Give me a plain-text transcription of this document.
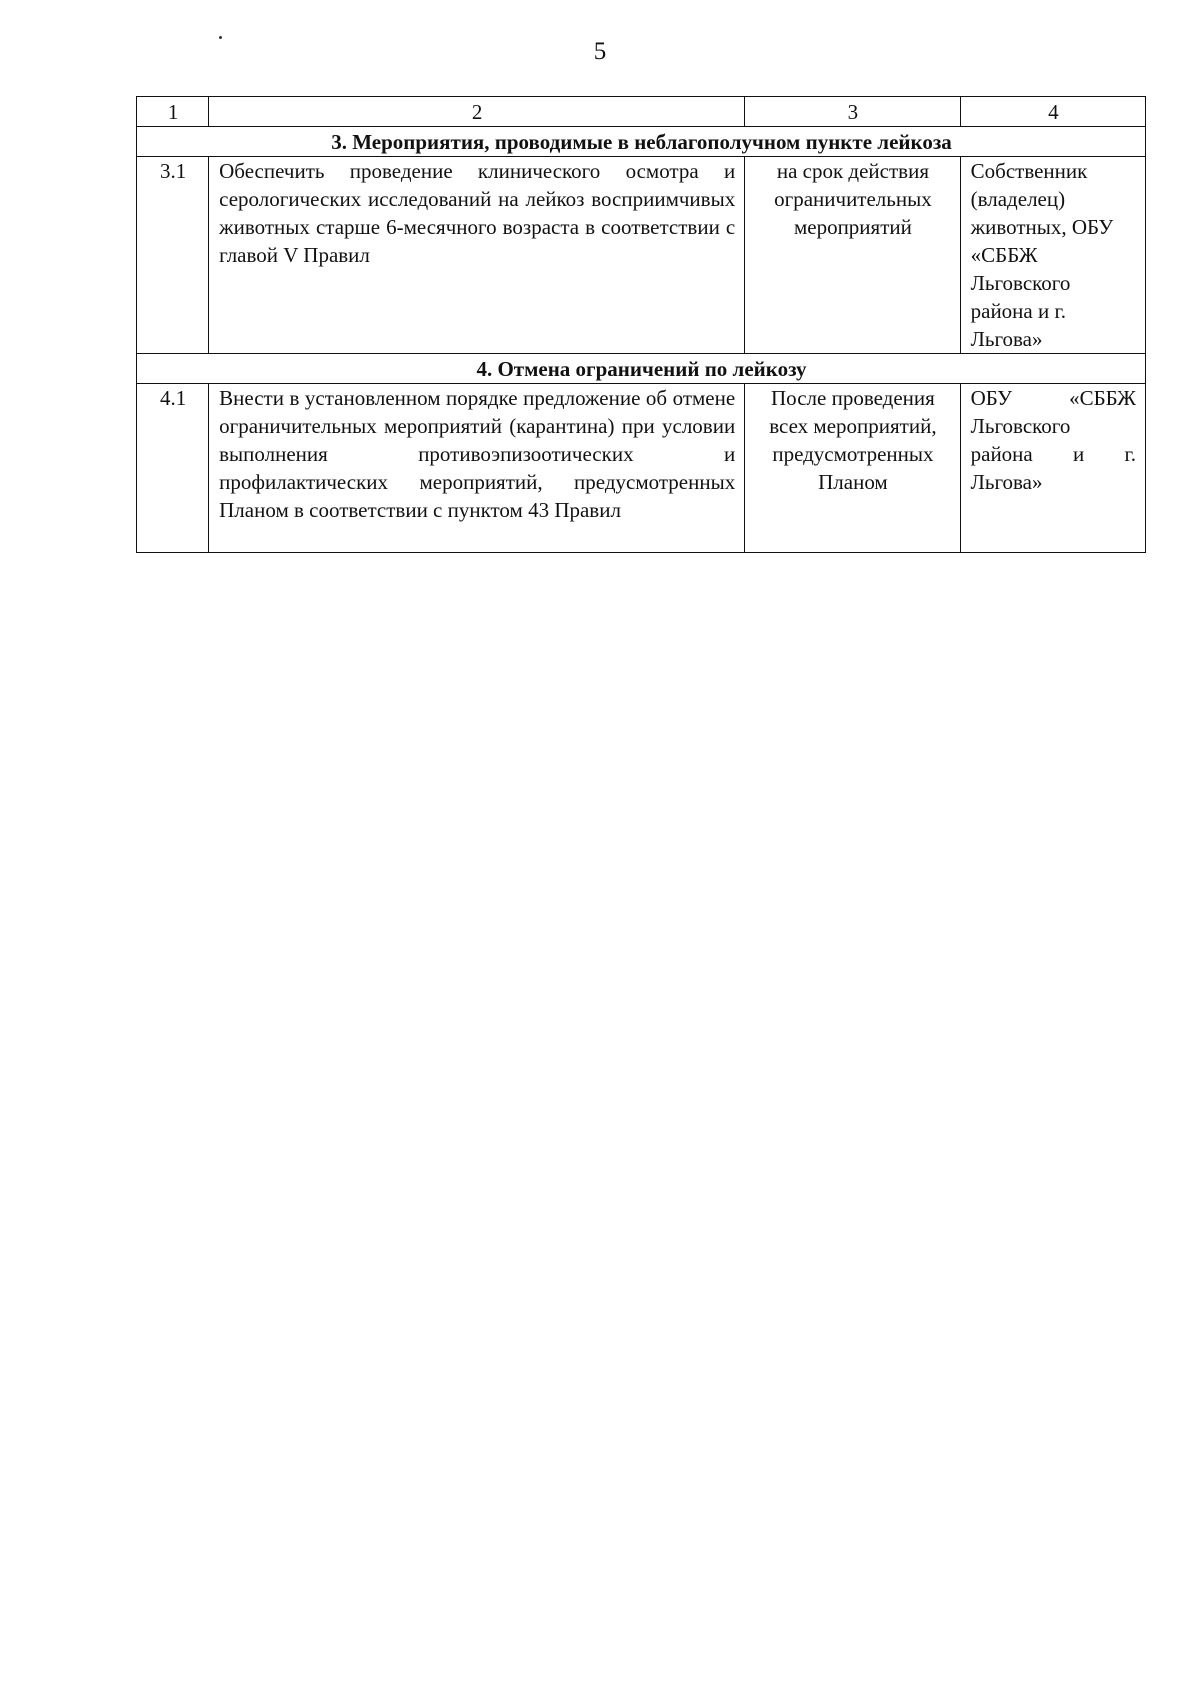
5
1	2	3	4
3. Мероприятия, проводимые в неблагополучном пункте лейкоза			
3.1	Обеспечить проведение клинического осмотра и серологических исследований на лейкоз восприимчивых животных старше 6-месячного возраста в соответствии с главой V Правил	на срок действия ограничительных мероприятий	Собственник (владелец) животных, ОБУ «СББЖ Льговского района и г. Льгова»
4. Отмена ограничений по лейкозу			
4.1	Внести в установленном порядке предложение об отмене ограничительных мероприятий (карантина) при условии выполнения противоэпизоотических и профилактических мероприятий, предусмотренных Планом в соответствии с пунктом 43 Правил	После проведения всех мероприятий, предусмотренных Планом	ОБУ «СББЖ Льговского района и г. Льгова»
